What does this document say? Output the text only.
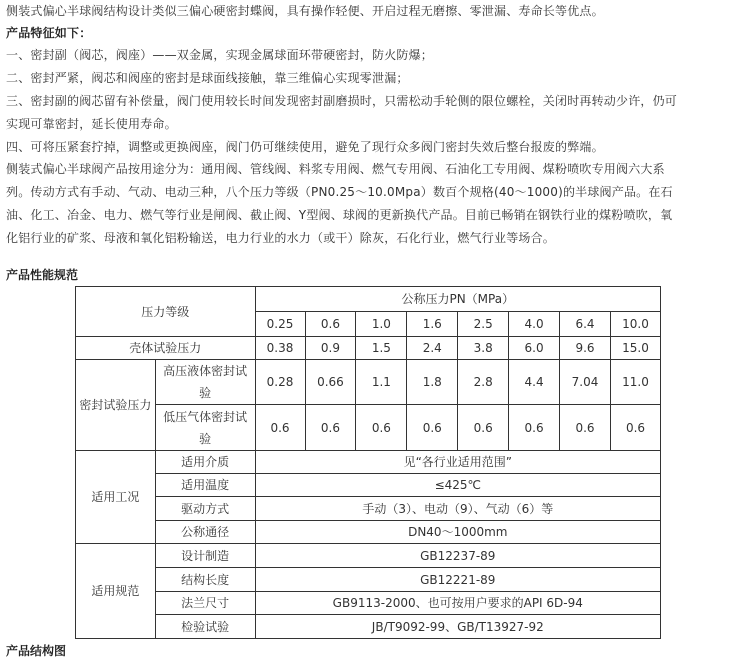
侧装式偏心半球阀结构设计类似三偏心硬密封蝶阀，具有操作轻便、开启过程无磨擦、零泄漏、寿命长等优点。

产品特征如下：

一、密封副（阀芯，阀座）——双金属，实现金属球面环带硬密封，防火防爆；

二、密封严紧，阀芯和阀座的密封是球面线接触，靠三维偏心实现零泄漏；

三、密封副的阀芯留有补偿量，阀门使用较长时间发现密封副磨损时，只需松动手轮侧的限位螺栓，关闭时再转动少许，仍可

实现可靠密封，延长使用寿命。

四、可将压紧套拧掉，调整或更换阀座，阀门仍可继续使用，避免了现行众多阀门密封失效后整台报废的弊端。

侧装式偏心半球阀产品按用途分为：通用阀、管线阀、料浆专用阀、燃气专用阀、石油化工专用阀、煤粉喷吹专用阀六大系

列。传动方式有手动、气动、电动三种，八个压力等级（PN0.25～10.0Mpa）数百个规格(40～1000)的半球阀产品。在石

油、化工、冶金、电力、燃气等行业是闸阀、截止阀、Y型阀、球阀的更新换代产品。目前已畅销在钢铁行业的煤粉喷吹，氧

化铝行业的矿浆、母液和氧化铝粉输送，电力行业的水力（或干）除灰，石化行业，燃气行业等场合。

产品性能规范
压力等级		公称压力PN（MPa）							
		0.25	0.6	1.0	1.6	2.5	4.0	6.4	10.0
壳体试验压力		0.38	0.9	1.5	2.4	3.8	6.0	9.6	15.0
密封试验压力	高压液体密封试
验	0.28	0.66	1.1	1.8	2.8	4.4	7.04	11.0
	低压气体密封试
验	0.6	0.6	0.6	0.6	0.6	0.6	0.6	0.6
适用工况	适用介质	见“各行业适用范围”							
	适用温度	≤425℃							
	驱动方式	手动（3）、电动（9）、气动（6）等							
	公称通径	DN40～1000mm							
适用规范	设计制造	GB12237-89							
	结构长度	GB12221-89							
	法兰尺寸	GB9113-2000、也可按用户要求的API 6D-94							
	检验试验	JB/T9092-99、GB/T13927-92							
产品结构图
